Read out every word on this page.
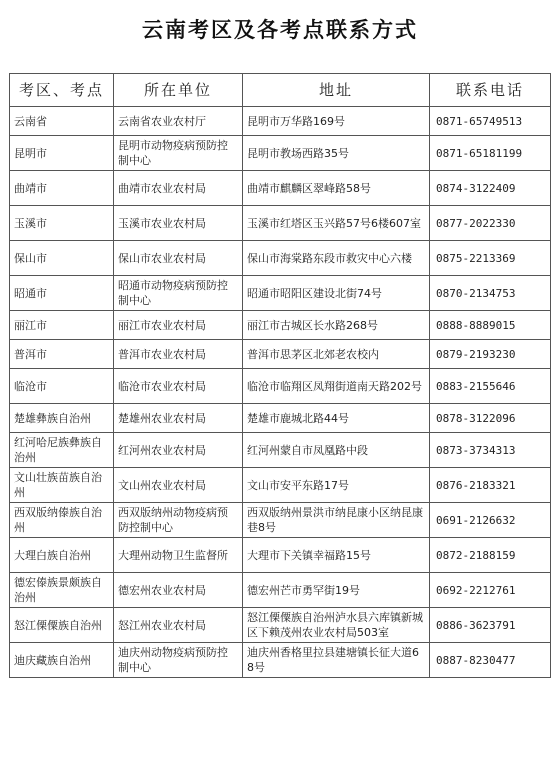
云南考区及各考点联系方式
考区、考点	所在单位	地址	联系电话
云南省	云南省农业农村厅	昆明市万华路169号	0871-65749513
昆明市	昆明市动物疫病预防控制中心	昆明市教场西路35号	0871-65181199
曲靖市	曲靖市农业农村局	曲靖市麒麟区翠峰路58号	0874-3122409
玉溪市	玉溪市农业农村局	玉溪市红塔区玉兴路57号6楼607室	0877-2022330
保山市	保山市农业农村局	保山市海棠路东段市救灾中心六楼	0875-2213369
昭通市	昭通市动物疫病预防控制中心	昭通市昭阳区建设北街74号	0870-2134753
丽江市	丽江市农业农村局	丽江市古城区长水路268号	0888-8889015
普洱市	普洱市农业农村局	普洱市思茅区北郊老农校内	0879-2193230
临沧市	临沧市农业农村局	临沧市临翔区凤翔街道南天路202号	0883-2155646
楚雄彝族自治州	楚雄州农业农村局	楚雄市鹿城北路44号	0878-3122096
红河哈尼族彝族自治州	红河州农业农村局	红河州蒙自市凤凰路中段	0873-3734313
文山壮族苗族自治州	文山州农业农村局	文山市安平东路17号	0876-2183321
西双版纳傣族自治州	西双版纳州动物疫病预防控制中心	西双版纳州景洪市纳昆康小区纳昆康巷8号	0691-2126632
大理白族自治州	大理州动物卫生监督所	大理市下关镇幸福路15号	0872-2188159
德宏傣族景颇族自治州	德宏州农业农村局	德宏州芒市勇罕街19号	0692-2212761
怒江傈僳族自治州	怒江州农业农村局	怒江傈僳族自治州泸水县六库镇新城区下赖茂州农业农村局503室	0886-3623791
迪庆藏族自治州	迪庆州动物疫病预防控制中心	迪庆州香格里拉县建塘镇长征大道68号	0887-8230477
